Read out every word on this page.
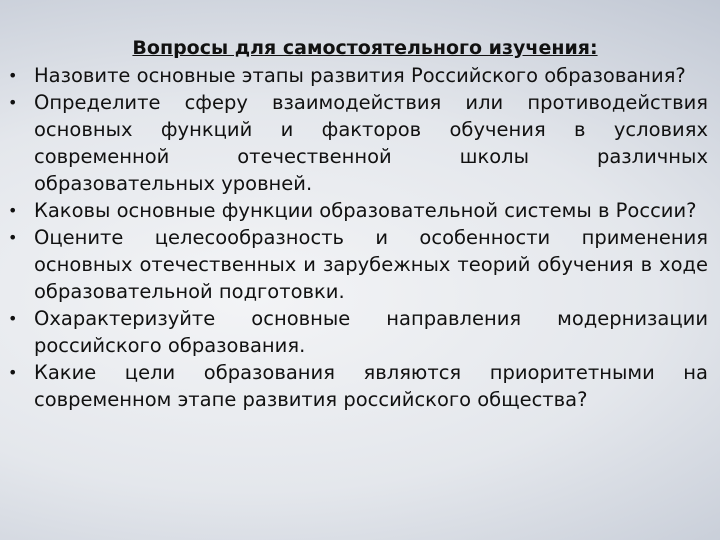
Вопросы для самостоятельного изучения:
• Назовите основные этапы развития Российского образования?
• Определите сферу взаимодействия или противодействия основных функций и факторов обучения в условиях современной отечественной школы различных образовательных уровней.
• Каковы основные функции образовательной системы в России?
• Оцените целесообразность и особенности применения основных отечественных и зарубежных теорий обучения в ходе образовательной подготовки.
• Охарактеризуйте основные направления модернизации российского образования.
• Какие цели образования являются приоритетными на современном этапе развития российского общества?
